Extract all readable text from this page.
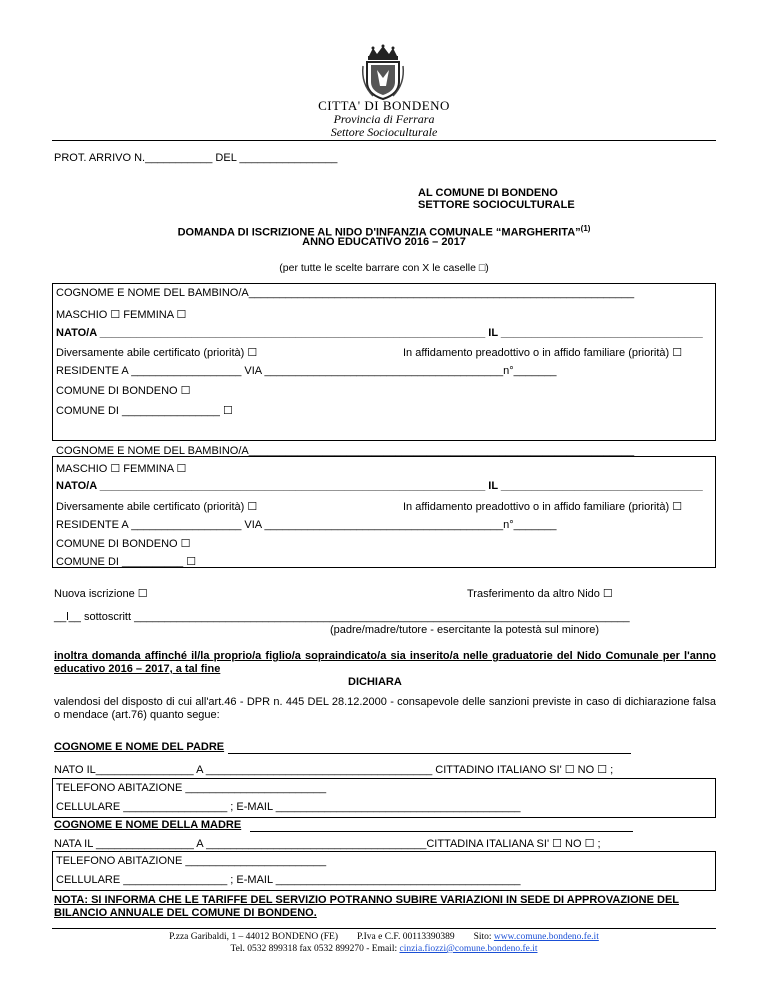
CITTA' DI BONDENO
Provincia di Ferrara
Settore Socioculturale
PROT. ARRIVO N.___________ DEL ________________
AL COMUNE DI BONDENO
SETTORE SOCIOCULTURALE
DOMANDA DI ISCRIZIONE AL NIDO D'INFANZIA COMUNALE “MARGHERITA”$^{(1)}$
ANNO EDUCATIVO 2016 – 2017
(per tutte le scelte barrare con X le caselle □)
COGNOME E NOME DEL BAMBINO/A_______________________________________________________________
MASCHIO ☐ FEMMINA ☐
NATO/A _______________________________________________________________ IL _________________________________
Diversamente abile certificato (priorità) ☐	In affidamento preadottivo o in affido familiare (priorità) ☐
RESIDENTE A __________________ VIA _______________________________________n°_______
COMUNE DI BONDENO ☐
COMUNE DI ________________ ☐
COGNOME E NOME DEL BAMBINO/A_______________________________________________________________
MASCHIO ☐ FEMMINA ☐
NATO/A _______________________________________________________________ IL _________________________________
Diversamente abile certificato (priorità) ☐	In affidamento preadottivo o in affido familiare (priorità) ☐
RESIDENTE A __________________ VIA _______________________________________n°_______
COMUNE DI BONDENO ☐
COMUNE DI __________ ☐
Nuova iscrizione ☐	Trasferimento da altro Nido ☐
__l__ sottoscritt _________________________________________________________________________________
(padre/madre/tutore - esercitante la potestà sul minore)
inoltra domanda affinché il/la proprio/a figlio/a sopraindicato/a sia inserito/a nelle graduatorie del Nido Comunale per l'anno educativo 2016 – 2017, a tal fine
DICHIARA
valendosi del disposto di cui all'art.46 - DPR n. 445 DEL 28.12.2000 - consapevole delle sanzioni previste in caso di dichiarazione falsa o mendace (art.76) quanto segue:
COGNOME E NOME DEL PADRE
NATO IL________________ A _____________________________________ CITTADINO ITALIANO SI' ☐ NO ☐ ;
TELEFONO ABITAZIONE _______________________
CELLULARE _________________ ; E-MAIL ________________________________________
COGNOME E NOME DELLA MADRE
NATA IL ________________ A ____________________________________CITTADINA ITALIANA SI' ☐ NO ☐ ;
TELEFONO ABITAZIONE _______________________
CELLULARE _________________ ; E-MAIL ________________________________________
NOTA: SI INFORMA CHE LE TARIFFE DEL SERVIZIO POTRANNO SUBIRE VARIAZIONI IN SEDE DI APPROVAZIONE DEL BILANCIO ANNUALE DEL COMUNE DI BONDENO.
P.zza Garibaldi, 1 – 44012 BONDENO (FE)        P.Iva e C.F. 00113390389        Sito: www.comune.bondeno.fe.it
Tel. 0532 899318 fax 0532 899270 - Email: cinzia.fiozzi@comune.bondeno.fe.it
